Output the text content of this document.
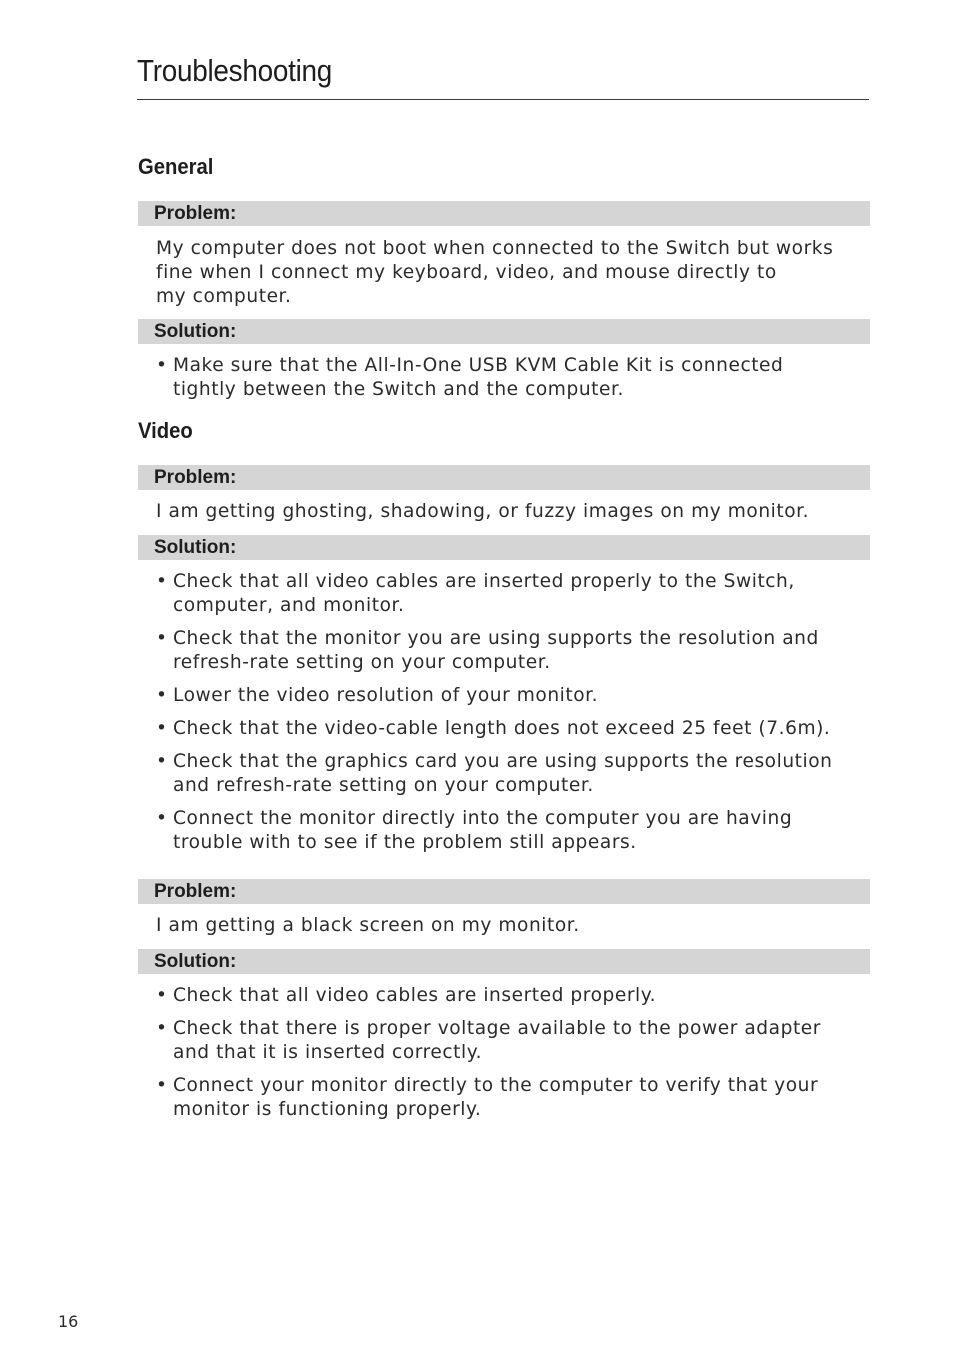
Troubleshooting
General
Problem:

My computer does not boot when connected to the Switch but works
fine when I connect my keyboard, video, and mouse directly to
my computer.

Solution:
• Make sure that the All-In-One USB KVM Cable Kit is connected
tightly between the Switch and the computer.
Video
Problem:

I am getting ghosting, shadowing, or fuzzy images on my monitor.

Solution:
• Check that all video cables are inserted properly to the Switch,
computer, and monitor.
• Check that the monitor you are using supports the resolution and
refresh-rate setting on your computer.
• Lower the video resolution of your monitor.
• Check that the video-cable length does not exceed 25 feet (7.6m).
• Check that the graphics card you are using supports the resolution
and refresh-rate setting on your computer.
• Connect the monitor directly into the computer you are having
trouble with to see if the problem still appears.
Problem:

I am getting a black screen on my monitor.

Solution:
• Check that all video cables are inserted properly.
• Check that there is proper voltage available to the power adapter
and that it is inserted correctly.
• Connect your monitor directly to the computer to verify that your
monitor is functioning properly.
16
